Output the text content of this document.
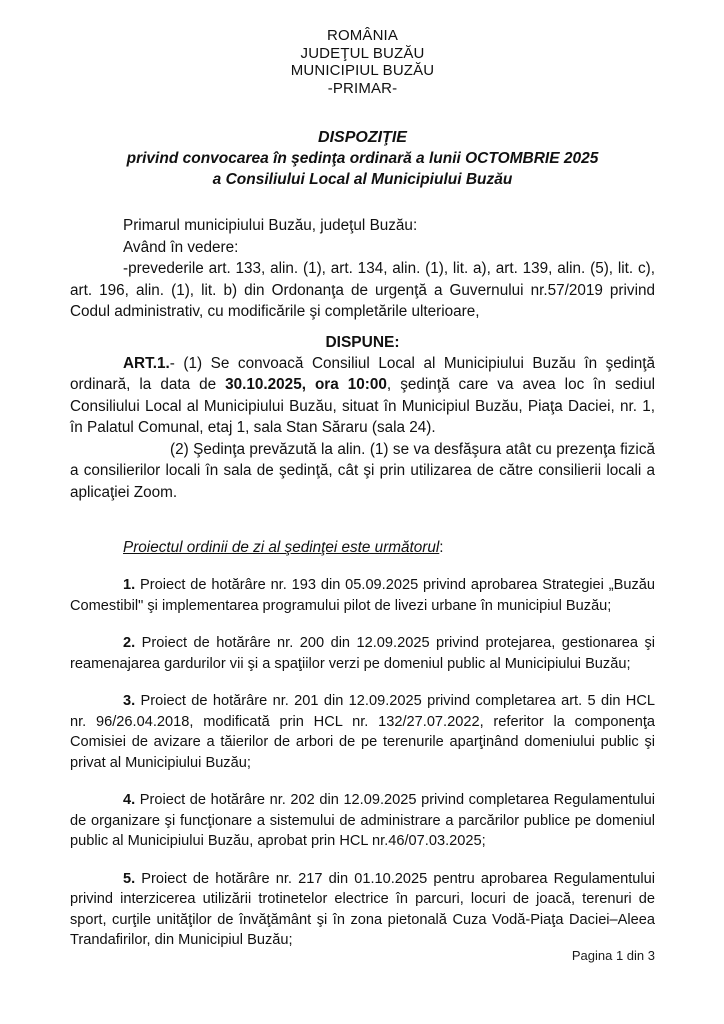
ROMÂNIA
JUDEŢUL BUZĂU
MUNICIPIUL BUZĂU
-PRIMAR-
DISPOZIŢIE
privind convocarea în şedinţa ordinară a lunii OCTOMBRIE 2025
a Consiliului Local al Municipiului Buzău

Primarul municipiului Buzău, judeţul Buzău:

Având în vedere:

-prevederile art. 133, alin. (1), art. 134, alin. (1), lit. a), art. 139, alin. (5), lit. c), art. 196, alin. (1), lit. b) din Ordonanţa de urgenţă a Guvernului nr.57/2019 privind Codul administrativ, cu modificările şi completările ulterioare,

DISPUNE:

ART.1.- (1) Se convoacă Consiliul Local al Municipiului Buzău în şedinţă ordinară, la data de 30.10.2025, ora 10:00, şedinţă care va avea loc în sediul Consiliului Local al Municipiului Buzău, situat în Municipiul Buzău, Piaţa Daciei, nr. 1, în Palatul Comunal, etaj 1, sala Stan Săraru (sala 24).

(2) Şedinţa prevăzută la alin. (1) se va desfăşura atât cu prezenţa fizică a consilierilor locali în sala de şedinţă, cât şi prin utilizarea de către consilierii locali a aplicaţiei Zoom.

Proiectul ordinii de zi al şedinţei este următorul:

1. Proiect de hotărâre nr. 193 din 05.09.2025 privind aprobarea Strategiei „Buzău Comestibil" şi implementarea programului pilot de livezi urbane în municipiul Buzău;

2. Proiect de hotărâre nr. 200 din 12.09.2025 privind protejarea, gestionarea şi reamenajarea gardurilor vii şi a spaţiilor verzi pe domeniul public al Municipiului Buzău;

3. Proiect de hotărâre nr. 201 din 12.09.2025 privind completarea art. 5 din HCL nr. 96/26.04.2018, modificată prin HCL nr. 132/27.07.2022, referitor la componenţa Comisiei de avizare a tăierilor de arbori de pe terenurile aparţinând domeniului public şi privat al Municipiului Buzău;

4. Proiect de hotărâre nr. 202 din 12.09.2025 privind completarea Regulamentului de organizare şi funcţionare a sistemului de administrare a parcărilor publice pe domeniul public al Municipiului Buzău, aprobat prin HCL nr.46/07.03.2025;

5. Proiect de hotărâre nr. 217 din 01.10.2025 pentru aprobarea Regulamentului privind interzicerea utilizării trotinetelor electrice în parcuri, locuri de joacă, terenuri de sport, curţile unităţilor de învăţământ şi în zona pietonală Cuza Vodă-Piaţa Daciei–Aleea Trandafirilor, din Municipiul Buzău;

Pagina 1 din 3
